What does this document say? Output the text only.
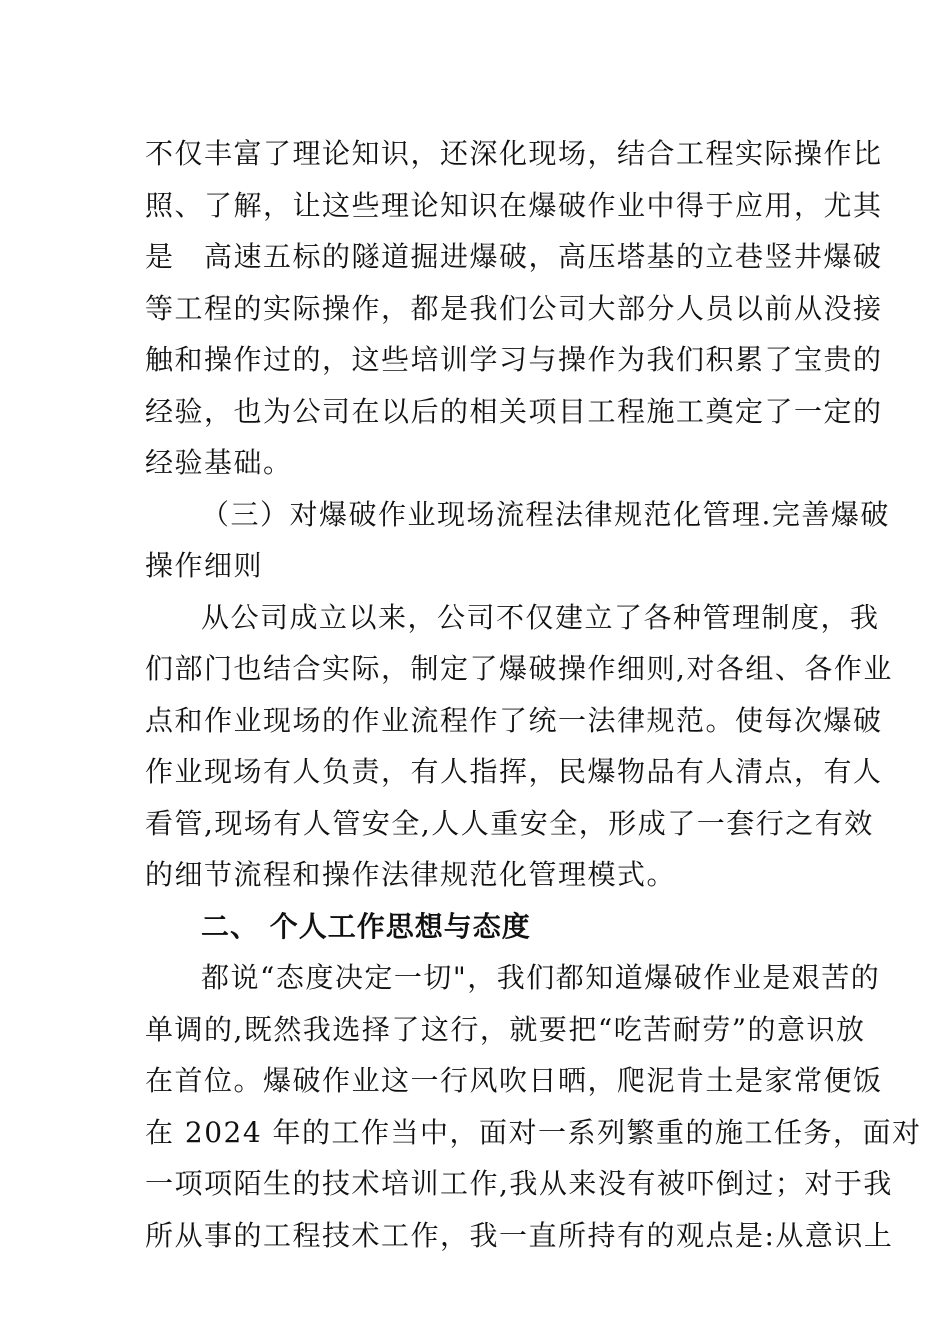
不仅丰富了理论知识，还深化现场，结合工程实际操作比
照、了解，让这些理论知识在爆破作业中得于应用，尤其
是　高速五标的隧道掘进爆破，高压塔基的立巷竖井爆破
等工程的实际操作，都是我们公司大部分人员以前从没接
触和操作过的，这些培训学习与操作为我们积累了宝贵的
经验，也为公司在以后的相关项目工程施工奠定了一定的
经验基础。
（三）对爆破作业现场流程法律规范化管理.完善爆破
操作细则
从公司成立以来，公司不仅建立了各种管理制度，我
们部门也结合实际，制定了爆破操作细则,对各组、各作业
点和作业现场的作业流程作了统一法律规范。使每次爆破
作业现场有人负责，有人指挥，民爆物品有人清点，有人
看管,现场有人管安全,人人重安全，形成了一套行之有效
的细节流程和操作法律规范化管理模式。
二、 个人工作思想与态度
都说“态度决定一切"，我们都知道爆破作业是艰苦的
单调的,既然我选择了这行，就要把“吃苦耐劳”的意识放
在首位。爆破作业这一行风吹日晒，爬泥肯土是家常便饭
在 2024 年的工作当中，面对一系列繁重的施工任务，面对
一项项陌生的技术培训工作,我从来没有被吓倒过；对于我
所从事的工程技术工作，我一直所持有的观点是:从意识上
